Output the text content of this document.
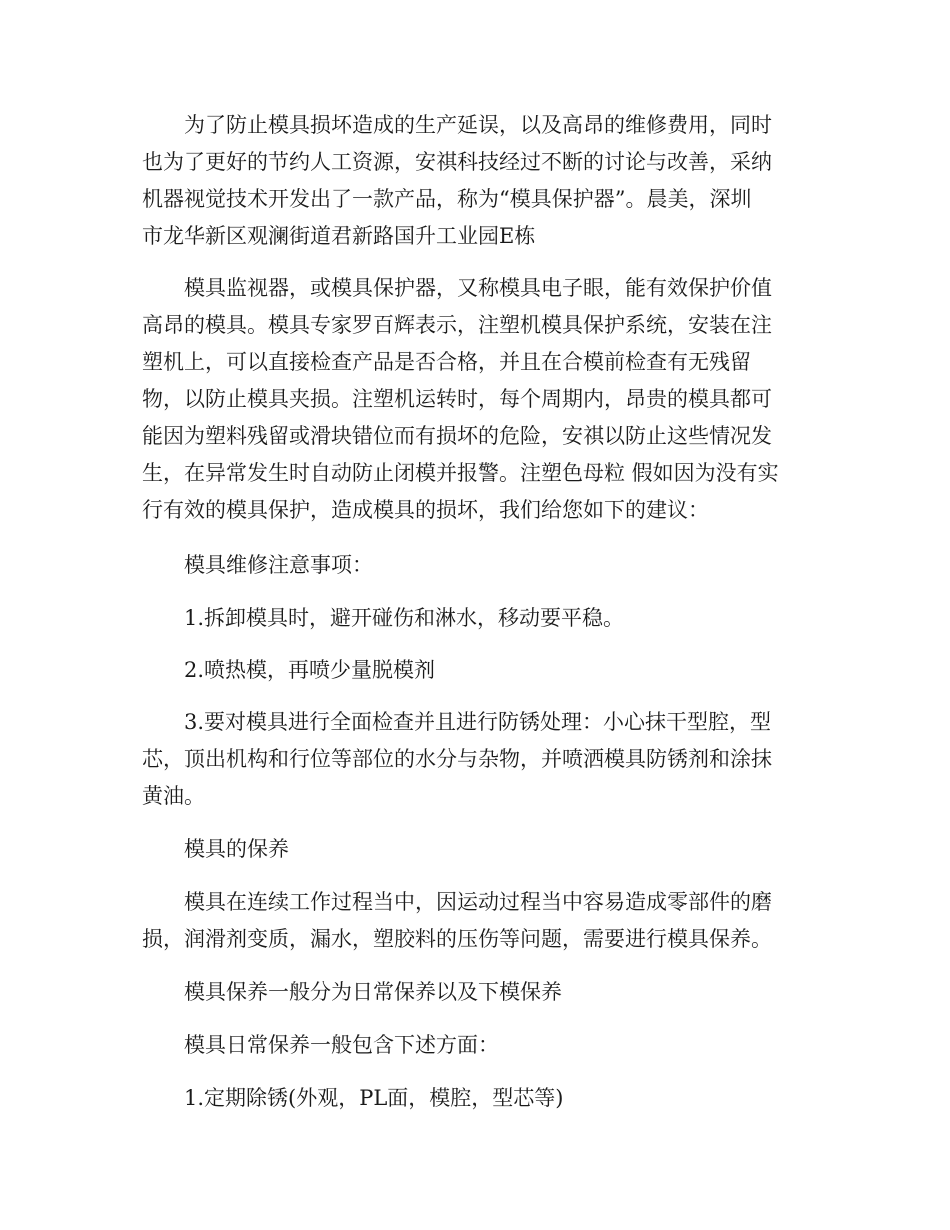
　　为了防止模具损坏造成的生产延误，以及高昂的维修费用，同时
也为了更好的节约人工资源，安祺科技经过不断的讨论与改善，采纳
机器视觉技术开发出了一款产品，称为“模具保护器”。晨美，深圳
市龙华新区观澜街道君新路国升工业园E栋
　　模具监视器，或模具保护器，又称模具电子眼，能有效保护价值
高昂的模具。模具专家罗百辉表示，注塑机模具保护系统，安装在注
塑机上，可以直接检查产品是否合格，并且在合模前检查有无残留
物，以防止模具夹损。注塑机运转时，每个周期内，昂贵的模具都可
能因为塑料残留或滑块错位而有损坏的危险，安祺以防止这些情况发
生，在异常发生时自动防止闭模并报警。注塑色母粒 假如因为没有实
行有效的模具保护，造成模具的损坏，我们给您如下的建议：
　　模具维修注意事项：
　　1.拆卸模具时，避开碰伤和淋水，移动要平稳。
　　2.喷热模，再喷少量脱模剂
　　3.要对模具进行全面检查并且进行防锈处理：小心抹干型腔，型
芯，顶出机构和行位等部位的水分与杂物，并喷洒模具防锈剂和涂抹
黄油。
　　模具的保养
　　模具在连续工作过程当中，因运动过程当中容易造成零部件的磨
损，润滑剂变质，漏水，塑胶料的压伤等问题，需要进行模具保养。
　　模具保养一般分为日常保养以及下模保养
　　模具日常保养一般包含下述方面：
　　1.定期除锈(外观，PL面，模腔，型芯等)
